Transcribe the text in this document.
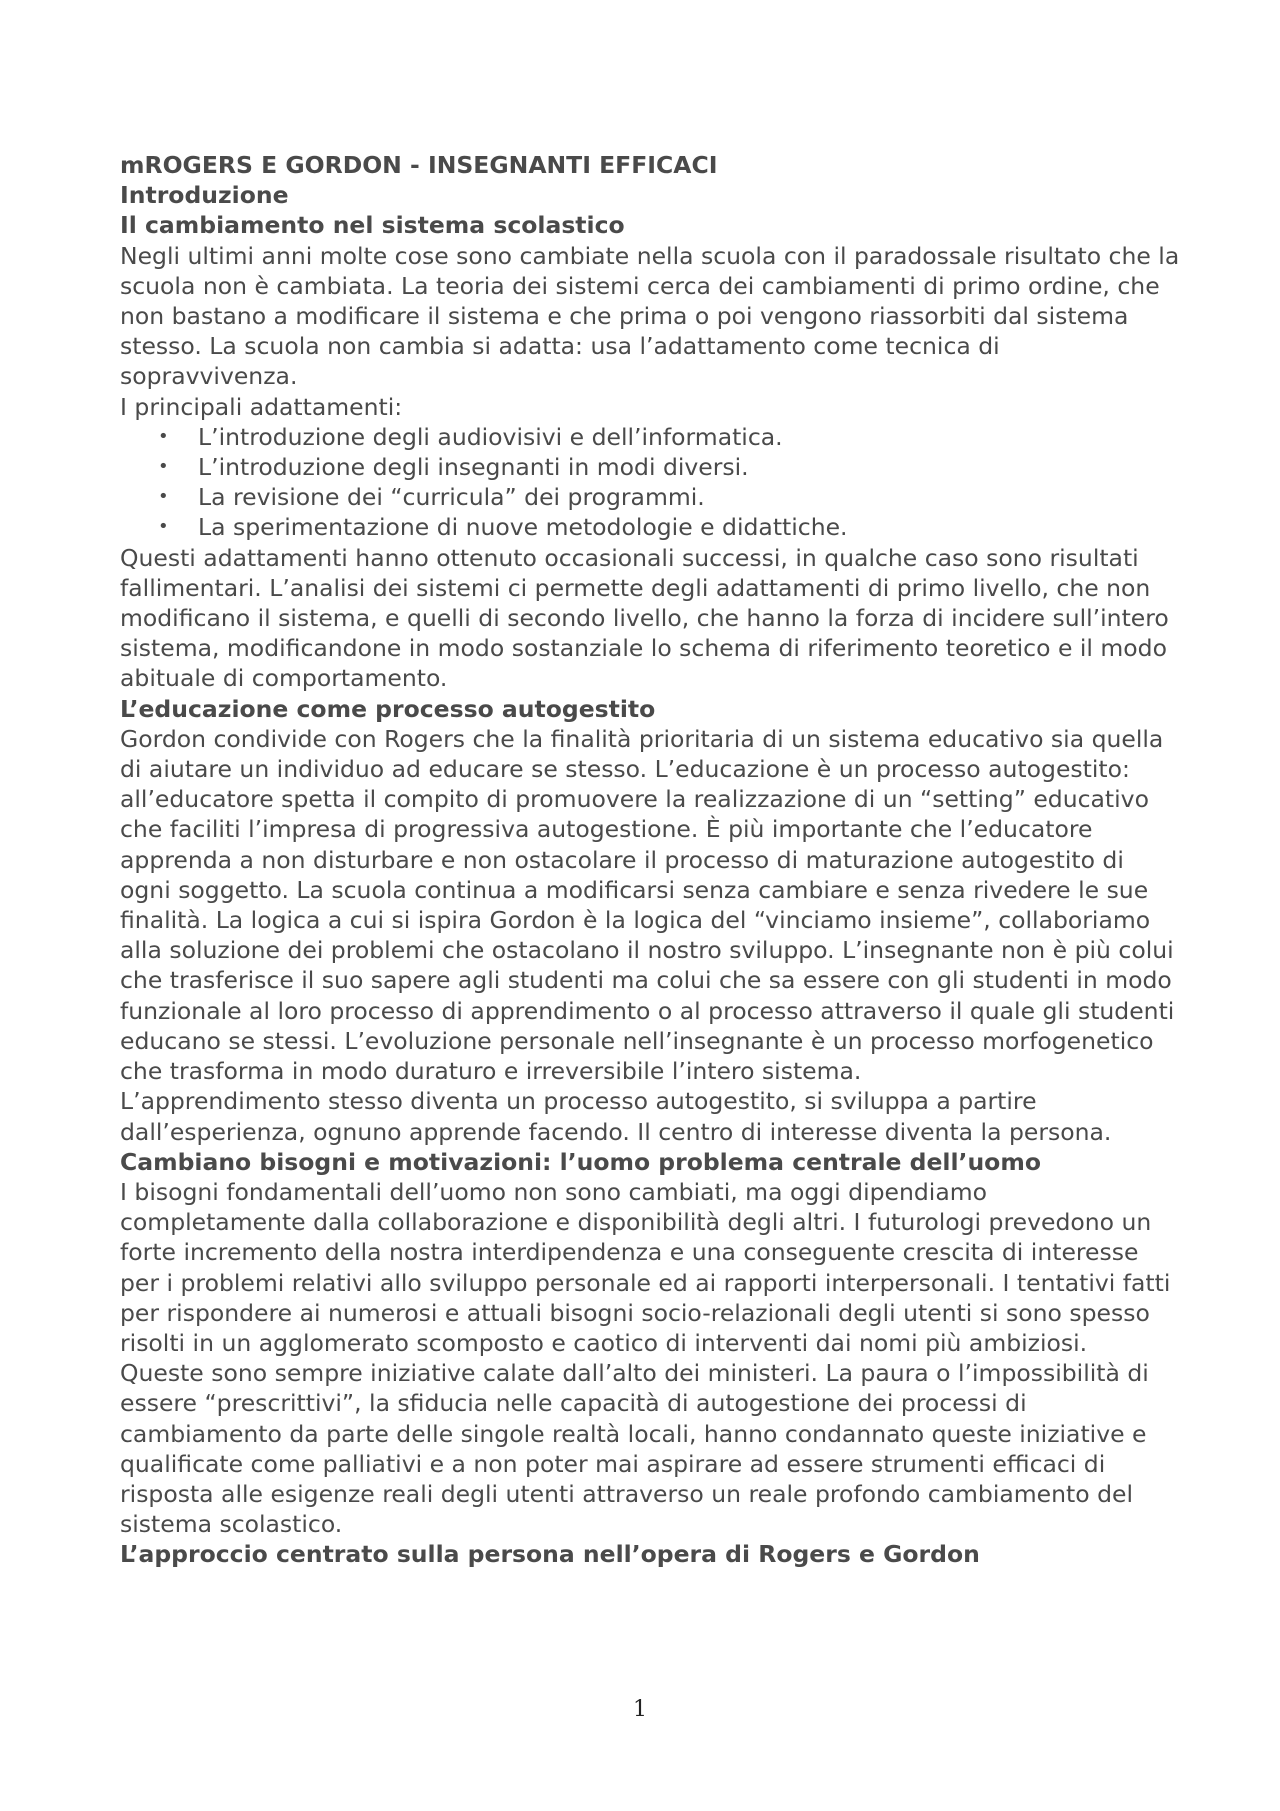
mROGERS E GORDON - INSEGNANTI EFFICACI
Introduzione
Il cambiamento nel sistema scolastico

Negli ultimi anni molte cose sono cambiate nella scuola con il paradossale risultato che la scuola non è cambiata. La teoria dei sistemi cerca dei cambiamenti di primo ordine, che non bastano a modificare il sistema e che prima o poi vengono riassorbiti dal sistema stesso. La scuola non cambia si adatta: usa l’adattamento come tecnica di sopravvivenza.

I principali adattamenti:

• L’introduzione degli audiovisivi e dell’informatica.
• L’introduzione degli insegnanti in modi diversi.
• La revisione dei “curricula” dei programmi.
• La sperimentazione di nuove metodologie e didattiche.

Questi adattamenti hanno ottenuto occasionali successi, in qualche caso sono risultati fallimentari. L’analisi dei sistemi ci permette degli adattamenti di primo livello, che non modificano il sistema, e quelli di secondo livello, che hanno la forza di incidere sull’intero sistema, modificandone in modo sostanziale lo schema di riferimento teoretico e il modo abituale di comportamento.

L’educazione come processo autogestito

Gordon condivide con Rogers che la finalità prioritaria di un sistema educativo sia quella di aiutare un individuo ad educare se stesso. L’educazione è un processo autogestito: all’educatore spetta il compito di promuovere la realizzazione di un “setting” educativo che faciliti l’impresa di progressiva autogestione. È più importante che l’educatore apprenda a non disturbare e non ostacolare il processo di maturazione autogestito di ogni soggetto. La scuola continua a modificarsi senza cambiare e senza rivedere le sue finalità. La logica a cui si ispira Gordon è la logica del “vinciamo insieme”, collaboriamo alla soluzione dei problemi che ostacolano il nostro sviluppo. L’insegnante non è più colui che trasferisce il suo sapere agli studenti ma colui che sa essere con gli studenti in modo funzionale al loro processo di apprendimento o al processo attraverso il quale gli studenti educano se stessi. L’evoluzione personale nell’insegnante è un processo morfogenetico che trasforma in modo duraturo e irreversibile l’intero sistema.

L’apprendimento stesso diventa un processo autogestito, si sviluppa a partire dall’esperienza, ognuno apprende facendo. Il centro di interesse diventa la persona.

Cambiano bisogni e motivazioni: l’uomo problema centrale dell’uomo

I bisogni fondamentali dell’uomo non sono cambiati, ma oggi dipendiamo completamente dalla collaborazione e disponibilità degli altri. I futurologi prevedono un forte incremento della nostra interdipendenza e una conseguente crescita di interesse per i problemi relativi allo sviluppo personale ed ai rapporti interpersonali. I tentativi fatti per rispondere ai numerosi e attuali bisogni socio-relazionali degli utenti si sono spesso risolti in un agglomerato scomposto e caotico di interventi dai nomi più ambiziosi.

Queste sono sempre iniziative calate dall’alto dei ministeri. La paura o l’impossibilità di essere “prescrittivi”, la sfiducia nelle capacità di autogestione dei processi di cambiamento da parte delle singole realtà locali, hanno condannato queste iniziative e qualificate come palliativi e a non poter mai aspirare ad essere strumenti efficaci di risposta alle esigenze reali degli utenti attraverso un reale profondo cambiamento del sistema scolastico.

L’approccio centrato sulla persona nell’opera di Rogers e Gordon
1
